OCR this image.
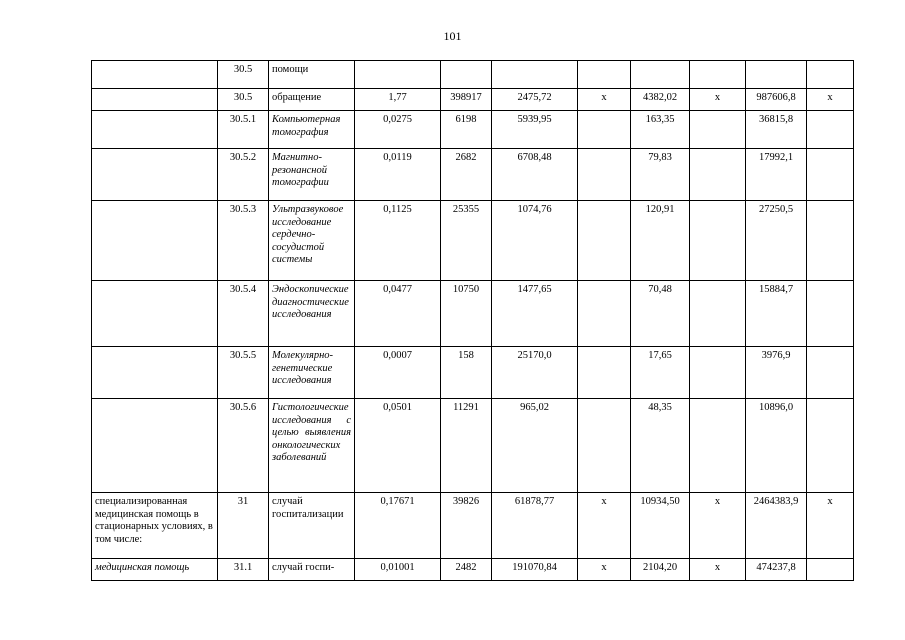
101
	30.5	помощи								
	30.5	обращение	1,77	398917	2475,72	x	4382,02	x	987606,8	x
	30.5.1	Компьютерная томография	0,0275	6198	5939,95		163,35		36815,8	
	30.5.2	Магнитно-резонансной томографии	0,0119	2682	6708,48		79,83		17992,1	
	30.5.3	Ультразвуковое исследование сердечно-сосудистой системы	0,1125	25355	1074,76		120,91		27250,5	
	30.5.4	Эндоскопические диагностические исследования	0,0477	10750	1477,65		70,48		15884,7	
	30.5.5	Молекулярно-генетические исследования	0,0007	158	25170,0		17,65		3976,9	
	30.5.6	Гистологические исследования с целью выявления онкологических заболеваний	0,0501	11291	965,02		48,35		10896,0	
специализированная медицинская помощь в стационарных условиях, в том числе:	31	случай госпитализации	0,17671	39826	61878,77	x	10934,50	x	2464383,9	x
медицинская помощь	31.1	случай госпи-	0,01001	2482	191070,84	x	2104,20	x	474237,8	
